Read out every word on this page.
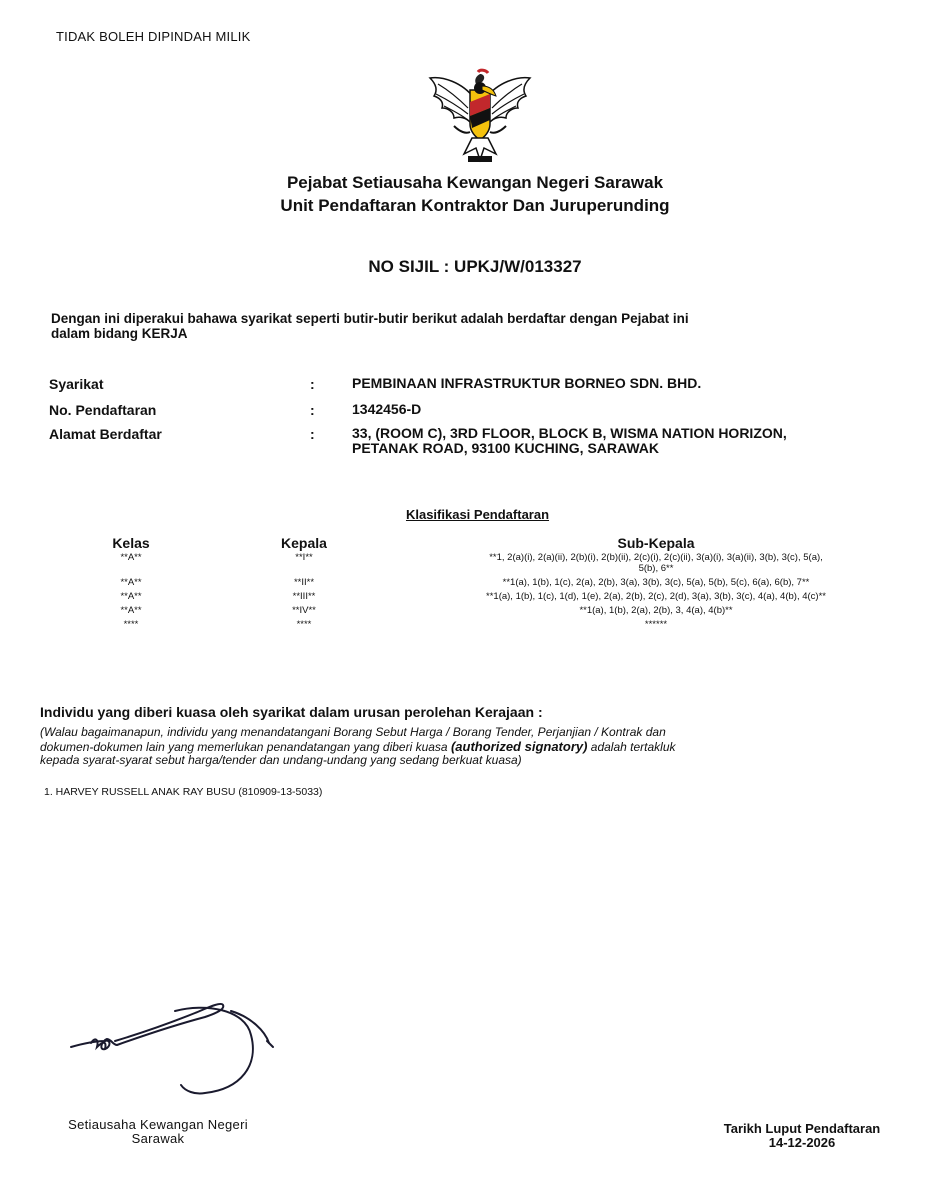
TIDAK BOLEH DIPINDAH MILIK
Pejabat Setiausaha Kewangan Negeri Sarawak
Unit Pendaftaran Kontraktor Dan Juruperunding
NO SIJIL : UPKJ/W/013327
Dengan ini diperakui bahawa syarikat seperti butir-butir berikut adalah berdaftar dengan Pejabat ini
dalam bidang KERJA
Syarikat	:	PEMBINAAN INFRASTRUKTUR BORNEO SDN. BHD.
No. Pendaftaran	:	1342456-D
Alamat Berdaftar	:	33, (ROOM C), 3RD FLOOR, BLOCK B, WISMA NATION HORIZON,
PETANAK ROAD, 93100 KUCHING, SARAWAK
Klasifikasi Pendaftaran
Kelas	Kepala	Sub-Kepala
**A**	**I**	**1, 2(a)(i), 2(a)(ii), 2(b)(i), 2(b)(ii), 2(c)(i), 2(c)(ii), 3(a)(i), 3(a)(ii), 3(b), 3(c), 5(a),
5(b), 6**
**A**	**II**	**1(a), 1(b), 1(c), 2(a), 2(b), 3(a), 3(b), 3(c), 5(a), 5(b), 5(c), 6(a), 6(b), 7**
**A**	**III**	**1(a), 1(b), 1(c), 1(d), 1(e), 2(a), 2(b), 2(c), 2(d), 3(a), 3(b), 3(c), 4(a), 4(b), 4(c)**
**A**	**IV**	**1(a), 1(b), 2(a), 2(b), 3, 4(a), 4(b)**
****	****	******
Individu yang diberi kuasa oleh syarikat dalam urusan perolehan Kerajaan :
(Walau bagaimanapun, individu yang menandatangani Borang Sebut Harga / Borang Tender, Perjanjian / Kontrak dan
dokumen-dokumen lain yang memerlukan penandatangan yang diberi kuasa (authorized signatory) adalah tertakluk
kepada syarat-syarat sebut harga/tender dan undang-undang yang sedang berkuat kuasa)
1. HARVEY RUSSELL ANAK RAY BUSU (810909-13-5033)
Setiausaha Kewangan Negeri
Sarawak
Tarikh Luput Pendaftaran
14-12-2026
